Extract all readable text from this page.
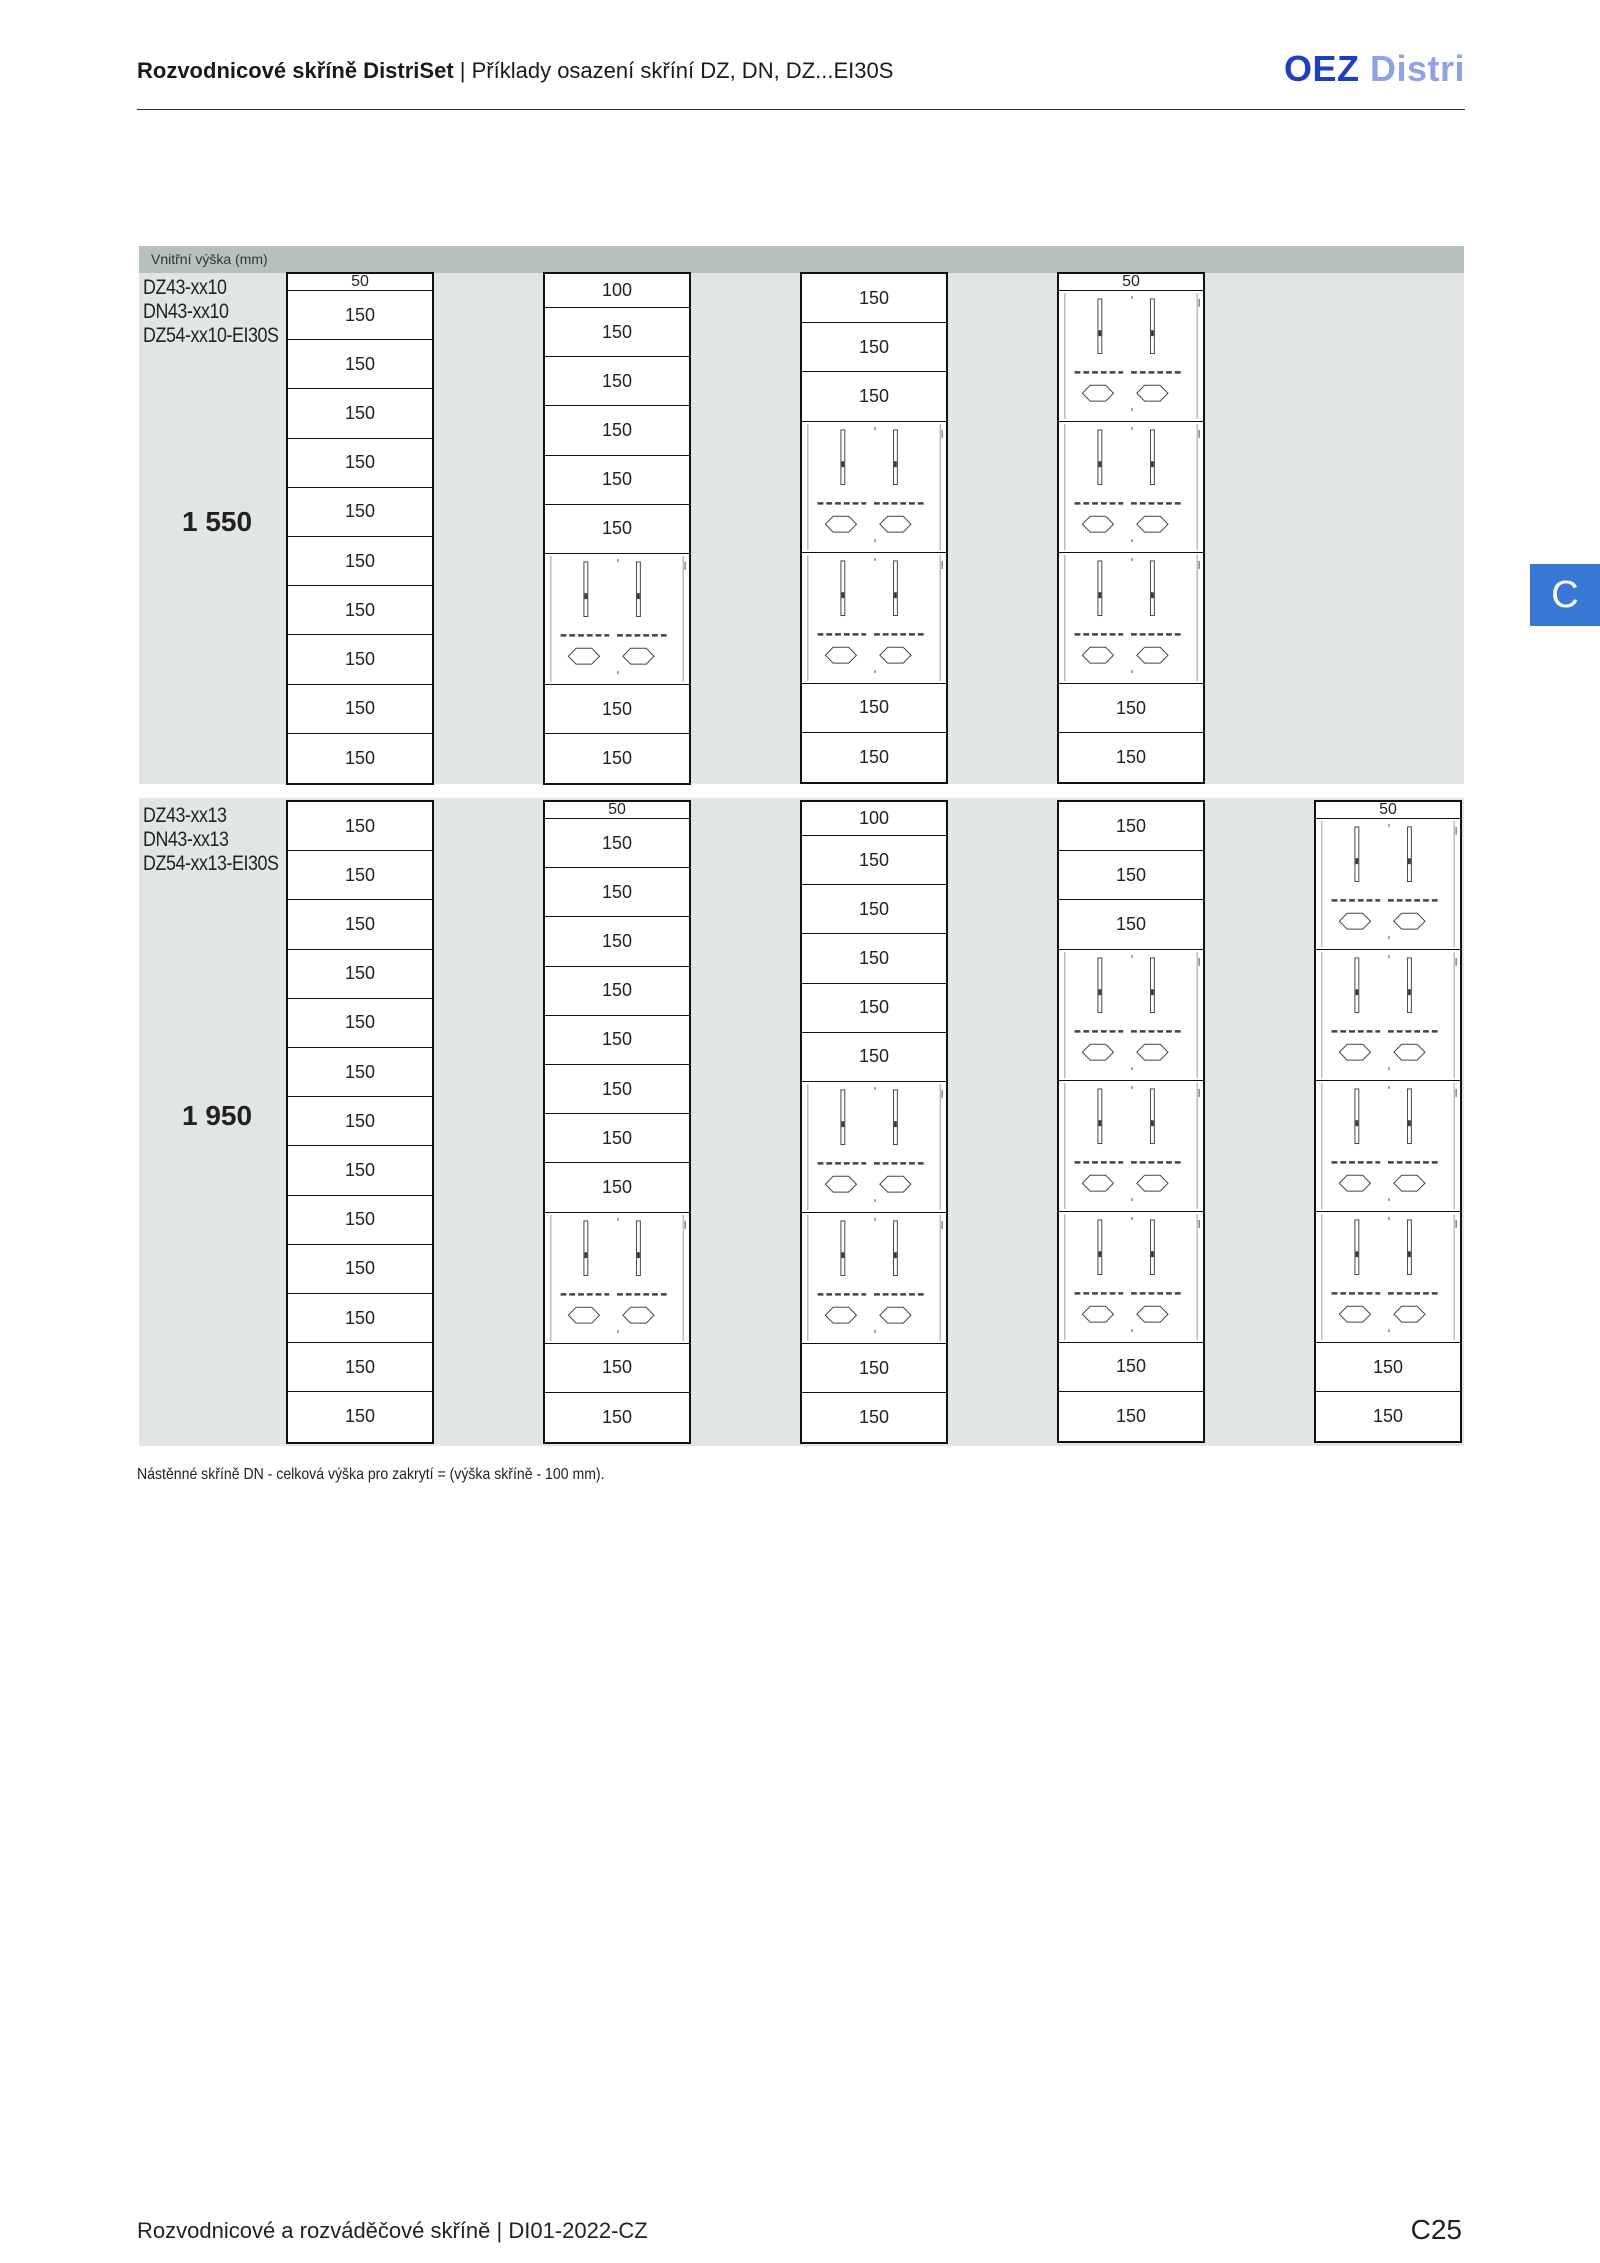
Rozvodnicové skříně DistriSet | Příklady osazení skříní DZ, DN, DZ...EI30S	OEZ Distri
C
Vnitřní výška (mm)
DZ43-xx10
DN43-xx10
DZ54-xx10-EI30S
1 550
DZ43-xx13
DN43-xx13
DZ54-xx13-EI30S
1 950
50
150
150
150
150
150
150
150
150
150
150
100
150
150
150
150
150
150
150
150
150
150
150
150
50
150
150
150
150
150
150
150
150
150
150
150
150
150
150
150
50
150
150
150
150
150
150
150
150
150
150
100
150
150
150
150
150
150
150
150
150
150
150
150
50
150
150
Nástěnné skříně DN - celková výška pro zakrytí = (výška skříně - 100 mm).
Rozvodnicové a rozváděčové skříně | DI01-2022-CZ	C25
